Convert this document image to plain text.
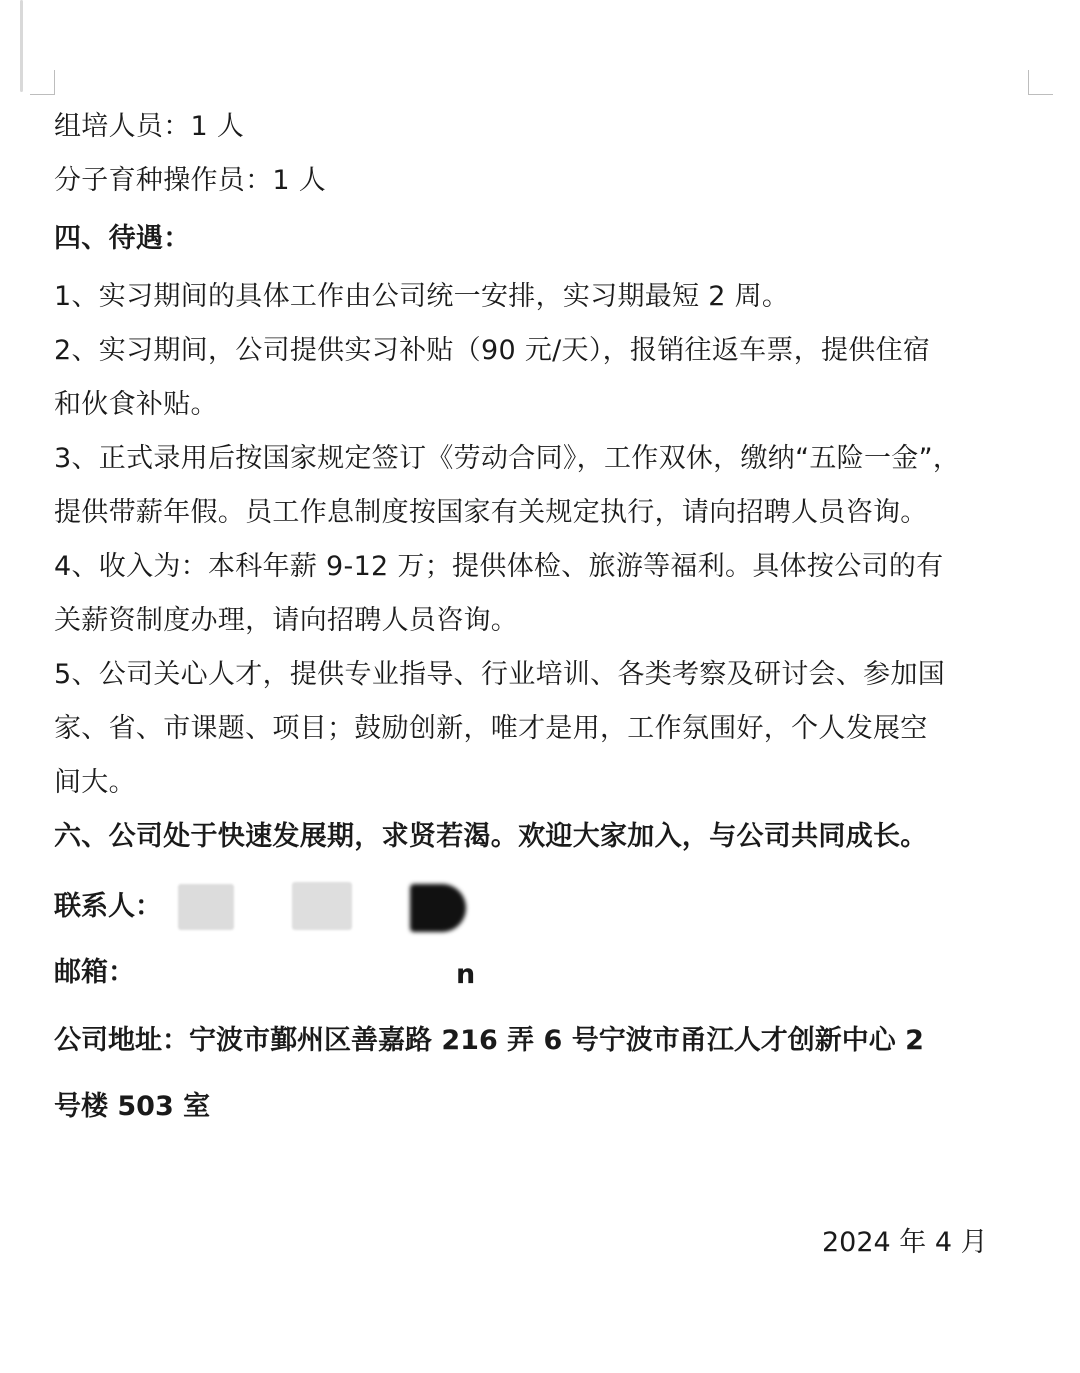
组培人员：1 人
分子育种操作员：1 人
四、待遇：
1、实习期间的具体工作由公司统一安排，实习期最短 2 周。
2、实习期间，公司提供实习补贴（90 元/天），报销往返车票，提供住宿
和伙食补贴。
3、正式录用后按国家规定签订《劳动合同》，工作双休，缴纳“五险一金”，
提供带薪年假。员工作息制度按国家有关规定执行，请向招聘人员咨询。
4、收入为：本科年薪 9-12 万；提供体检、旅游等福利。具体按公司的有
关薪资制度办理，请向招聘人员咨询。
5、公司关心人才，提供专业指导、行业培训、各类考察及研讨会、参加国
家、省、市课题、项目；鼓励创新，唯才是用，工作氛围好，个人发展空
间大。
六、公司处于快速发展期，求贤若渴。欢迎大家加入，与公司共同成长。
联系人：
邮箱：	n
公司地址：宁波市鄞州区善嘉路 216 弄 6 号宁波市甬江人才创新中心 2
号楼 503 室
2024 年 4 月
